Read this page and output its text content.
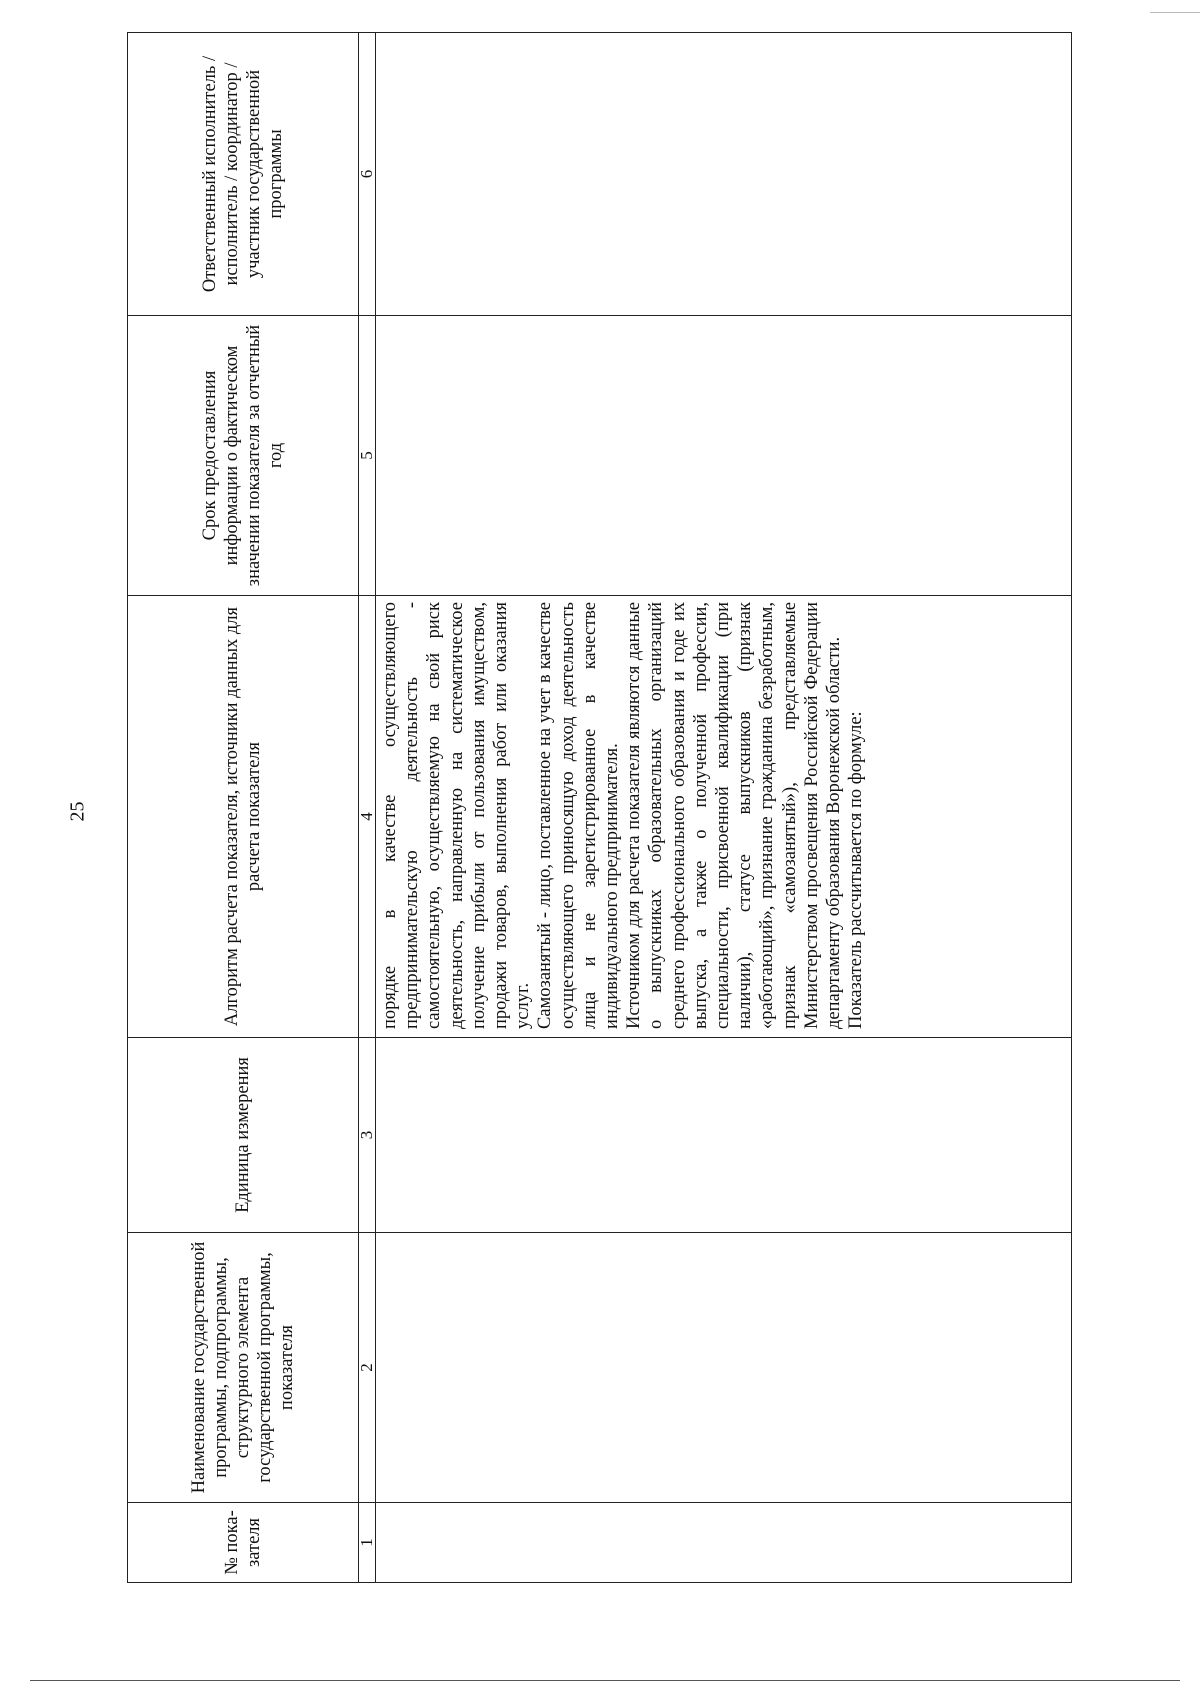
25
№ пока-зателя	Наименование государственной программы, подпрограммы, структурного элемента государственной программы, показателя	Единица измерения	Алгоритм расчета показателя, источники данных для расчета показателя	Срок предоставления информации о фактическом значении показателя за отчетный год	Ответственный исполнитель / исполнитель / координатор / участник государственной программы
1	2	3	4	5	6

			порядке в качестве осуществляющего предпринимательскую деятельность - самостоятельную, осуществляемую на свой риск деятельность, направленную на систематическое получение прибыли от пользования имуществом, продажи товаров, выполнения работ или оказания услуг. Самозанятый - лицо, поставленное на учет в качестве осуществляющего приносящую доход деятельность лица и не зарегистрированное в качестве индивидуального предпринимателя. Источником для расчета показателя являются данные о выпускниках образовательных организаций среднего профессионального образования и годе их выпуска, а также о полученной профессии, специальности, присвоенной квалификации (при наличии), статусе выпускников (признак «работающий», признание гражданина безработным, признак «самозанятый»), представляемые Министерством просвещения Российской Федерации департаменту образования Воронежской области. Показатель рассчитывается по формуле:		
